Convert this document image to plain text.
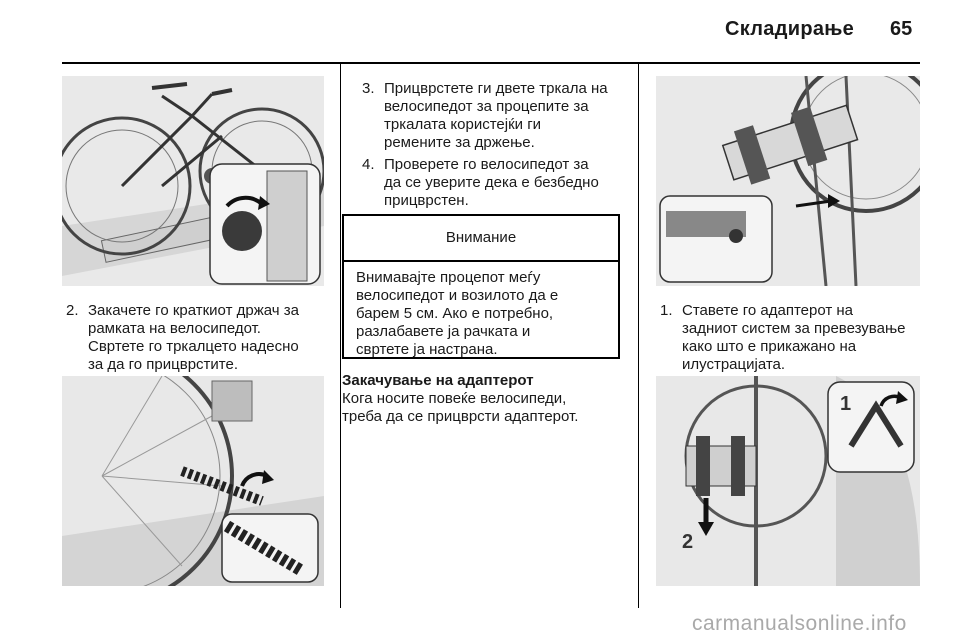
Складирање 65
2. Закачете го краткиот држач за
рамката на велосипедот.
Свртете го тркалцето надесно
за да го прицврстите.
3. Прицврстете ги двете тркала на
велосипедот за процепите за
тркалата користејќи ги
ремените за држење.
4. Проверете го велосипедот за
да се уверите дека е безбедно
прицврстен.
Внимание
Внимавајте процепот меѓу
велосипедот и возилото да е
барем 5 см. Ако е потребно,
разлабавете ја рачката и
свртете ја настрана.
Закачување на адаптерот
Кога носите повеќе велосипеди,
треба да се прицврсти адаптерот.
1. Ставете го адаптерот на
задниот систем за превезување
како што е прикажано на
илустрацијата.
1
2
carmanualsonline.info
